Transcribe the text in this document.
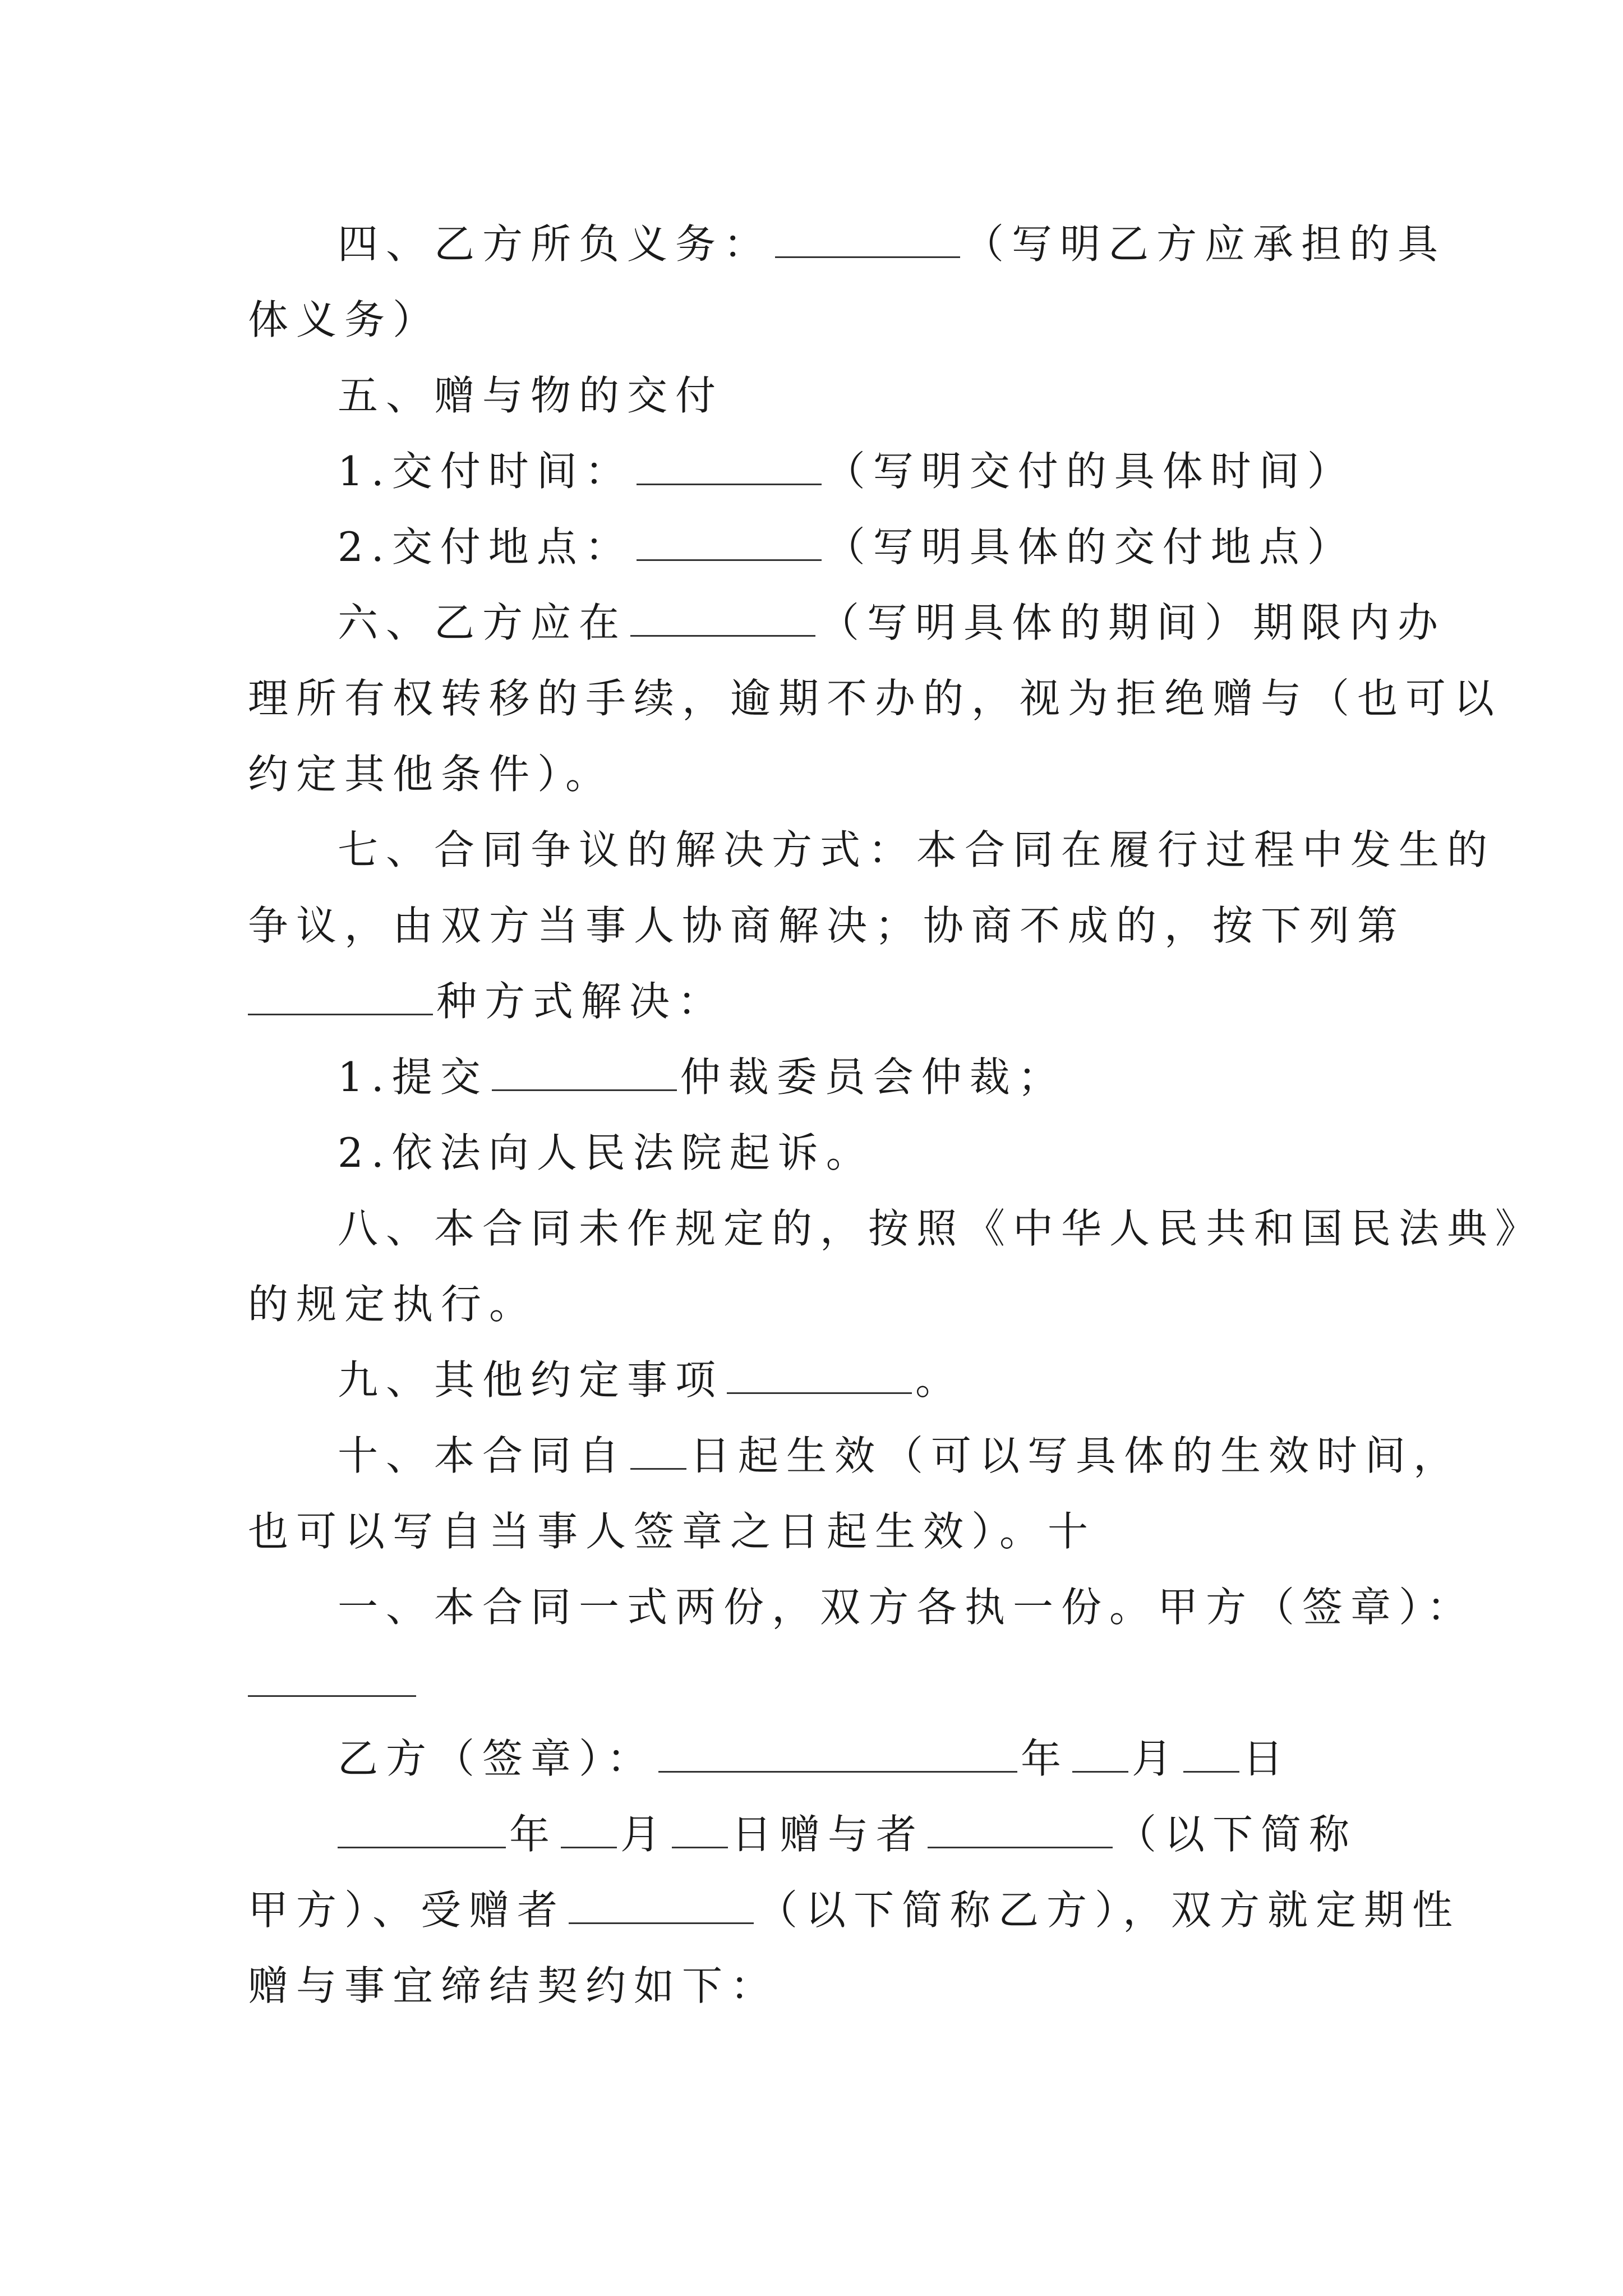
四、乙方所负义务：	（写明乙方应承担的具
体义务）
五、赠与物的交付
1.交付时间：	（写明交付的具体时间）
2.交付地点：	（写明具体的交付地点）
六、乙方应在	（写明具体的期间）期限内办
理所有权转移的手续，逾期不办的，视为拒绝赠与（也可以
约定其他条件）。
七、合同争议的解决方式：本合同在履行过程中发生的
争议，由双方当事人协商解决；协商不成的，按下列第
种方式解决：
1.提交	仲裁委员会仲裁；
2.依法向人民法院起诉。
八、本合同未作规定的，按照《中华人民共和国民法典》
的规定执行。
九、其他约定事项	。
十、本合同自 日起生效（可以写具体的生效时间，
也可以写自当事人签章之日起生效）。十
一、本合同一式两份，双方各执一份。甲方（签章）：
乙方（签章）：	年 月 日
年 月 日赠与者	（以下简称
甲方）、受赠者	（以下简称乙方），双方就定期性
赠与事宜缔结契约如下：
